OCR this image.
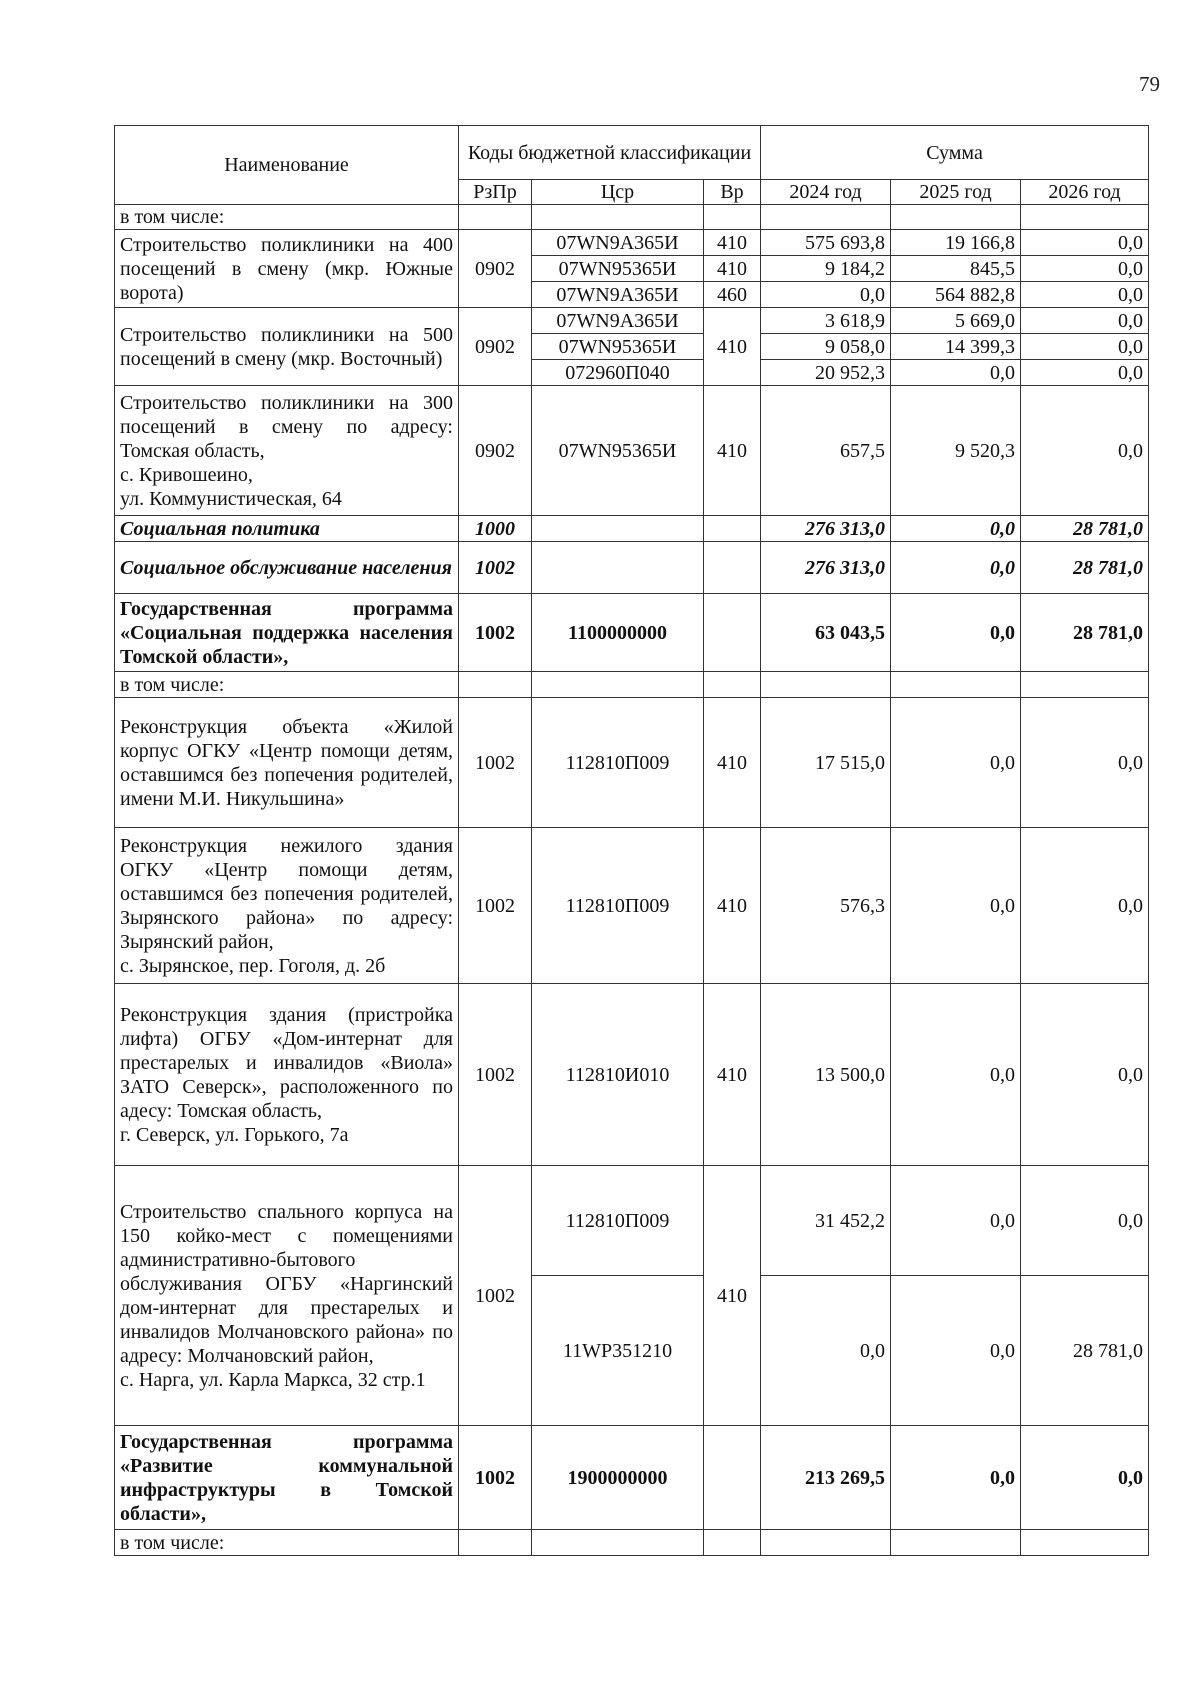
79
Наименование	Коды бюджетной классификации			Сумма		
	РзПр	Цср	Вр	2024 год	2025 год	2026 год
в том числе:						
Строительство поликлиники на 400 посещений в смену (мкр. Южные ворота)	0902	07WN9A365И	410	575 693,8	19 166,8	0,0
		07WN95365И	410	9 184,2	845,5	0,0
		07WN9A365И	460	0,0	564 882,8	0,0
Строительство поликлиники на 500 посещений в смену (мкр. Восточный)	0902	07WN9A365И	410	3 618,9	5 669,0	0,0
		07WN95365И		9 058,0	14 399,3	0,0
		072960П040		20 952,3	0,0	0,0

Строительство поликлиники на 300 посещений в смену по адресу: Томская область,
с. Кривошеино,
ул. Коммунистическая, 64	0902	07WN95365И	410	657,5	9 520,3	0,0
Социальная политика	1000			276 313,0	0,0	28 781,0
Социальное обслуживание населения	1002			276 313,0	0,0	28 781,0
Государственная программа «Социальная поддержка населения Томской области»,	1002	1100000000		63 043,5	0,0	28 781,0
в том числе:						
Реконструкция объекта «Жилой корпус ОГКУ «Центр помощи детям, оставшимся без попечения родителей, имени М.И. Никульшина»	1002	112810П009	410	17 515,0	0,0	0,0

Реконструкция нежилого здания ОГКУ «Центр помощи детям, оставшимся без попечения родителей, Зырянского района» по адресу: Зырянский район,
с. Зырянское, пер. Гоголя, д. 2б	1002	112810П009	410	576,3	0,0	0,0

Реконструкция здания (пристройка лифта) ОГБУ «Дом-интернат для престарелых и инвалидов «Виола» ЗАТО Северск», расположенного по адесу: Томская область,
г. Северск, ул. Горького, 7а	1002	112810И010	410	13 500,0	0,0	0,0

Строительство спального корпуса на 150 койко-мест с помещениями административно-бытового обслуживания ОГБУ «Наргинский дом-интернат для престарелых и инвалидов Молчановского района» по адресу: Молчановский район,
с. Нарга, ул. Карла Маркса, 32 стр.1	1002	112810П009	410	31 452,2	0,0	0,0
		11WP351210		0,0	0,0	28 781,0
Государственная программа «Развитие коммунальной инфраструктуры в Томской области»,	1002	1900000000		213 269,5	0,0	0,0
в том числе:						
